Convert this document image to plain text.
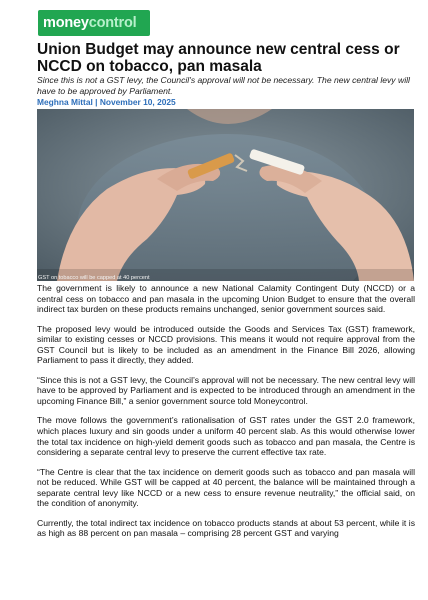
money control
Union Budget may announce new central cess or NCCD on tobacco, pan masala

Since this is not a GST levy, the Council's approval will not be necessary. The new central levy will have to be approved by Parliament.

Meghna Mittal | November 10, 2025
GST on tobacco will be capped at 40 percent

The government is likely to announce a new National Calamity Contingent Duty (NCCD) or a central cess on tobacco and pan masala in the upcoming Union Budget to ensure that the overall indirect tax burden on these products remains unchanged, senior government sources said.

The proposed levy would be introduced outside the Goods and Services Tax (GST) framework, similar to existing cesses or NCCD provisions. This means it would not require approval from the GST Council but is likely to be included as an amendment in the Finance Bill 2026, allowing Parliament to pass it directly, they added.

“Since this is not a GST levy, the Council’s approval will not be necessary. The new central levy will have to be approved by Parliament and is expected to be introduced through an amendment in the upcoming Finance Bill,” a senior government source told Moneycontrol.

The move follows the government’s rationalisation of GST rates under the GST 2.0 framework, which places luxury and sin goods under a uniform 40 percent slab. As this would otherwise lower the total tax incidence on high-yield demerit goods such as tobacco and pan masala, the Centre is considering a separate central levy to preserve the current effective tax rate.

“The Centre is clear that the tax incidence on demerit goods such as tobacco and pan masala will not be reduced. While GST will be capped at 40 percent, the balance will be maintained through a separate central levy like NCCD or a new cess to ensure revenue neutrality,” the official said, on the condition of anonymity.

Currently, the total indirect tax incidence on tobacco products stands at about 53 percent, while it is as high as 88 percent on pan masala – comprising 28 percent GST and varying
